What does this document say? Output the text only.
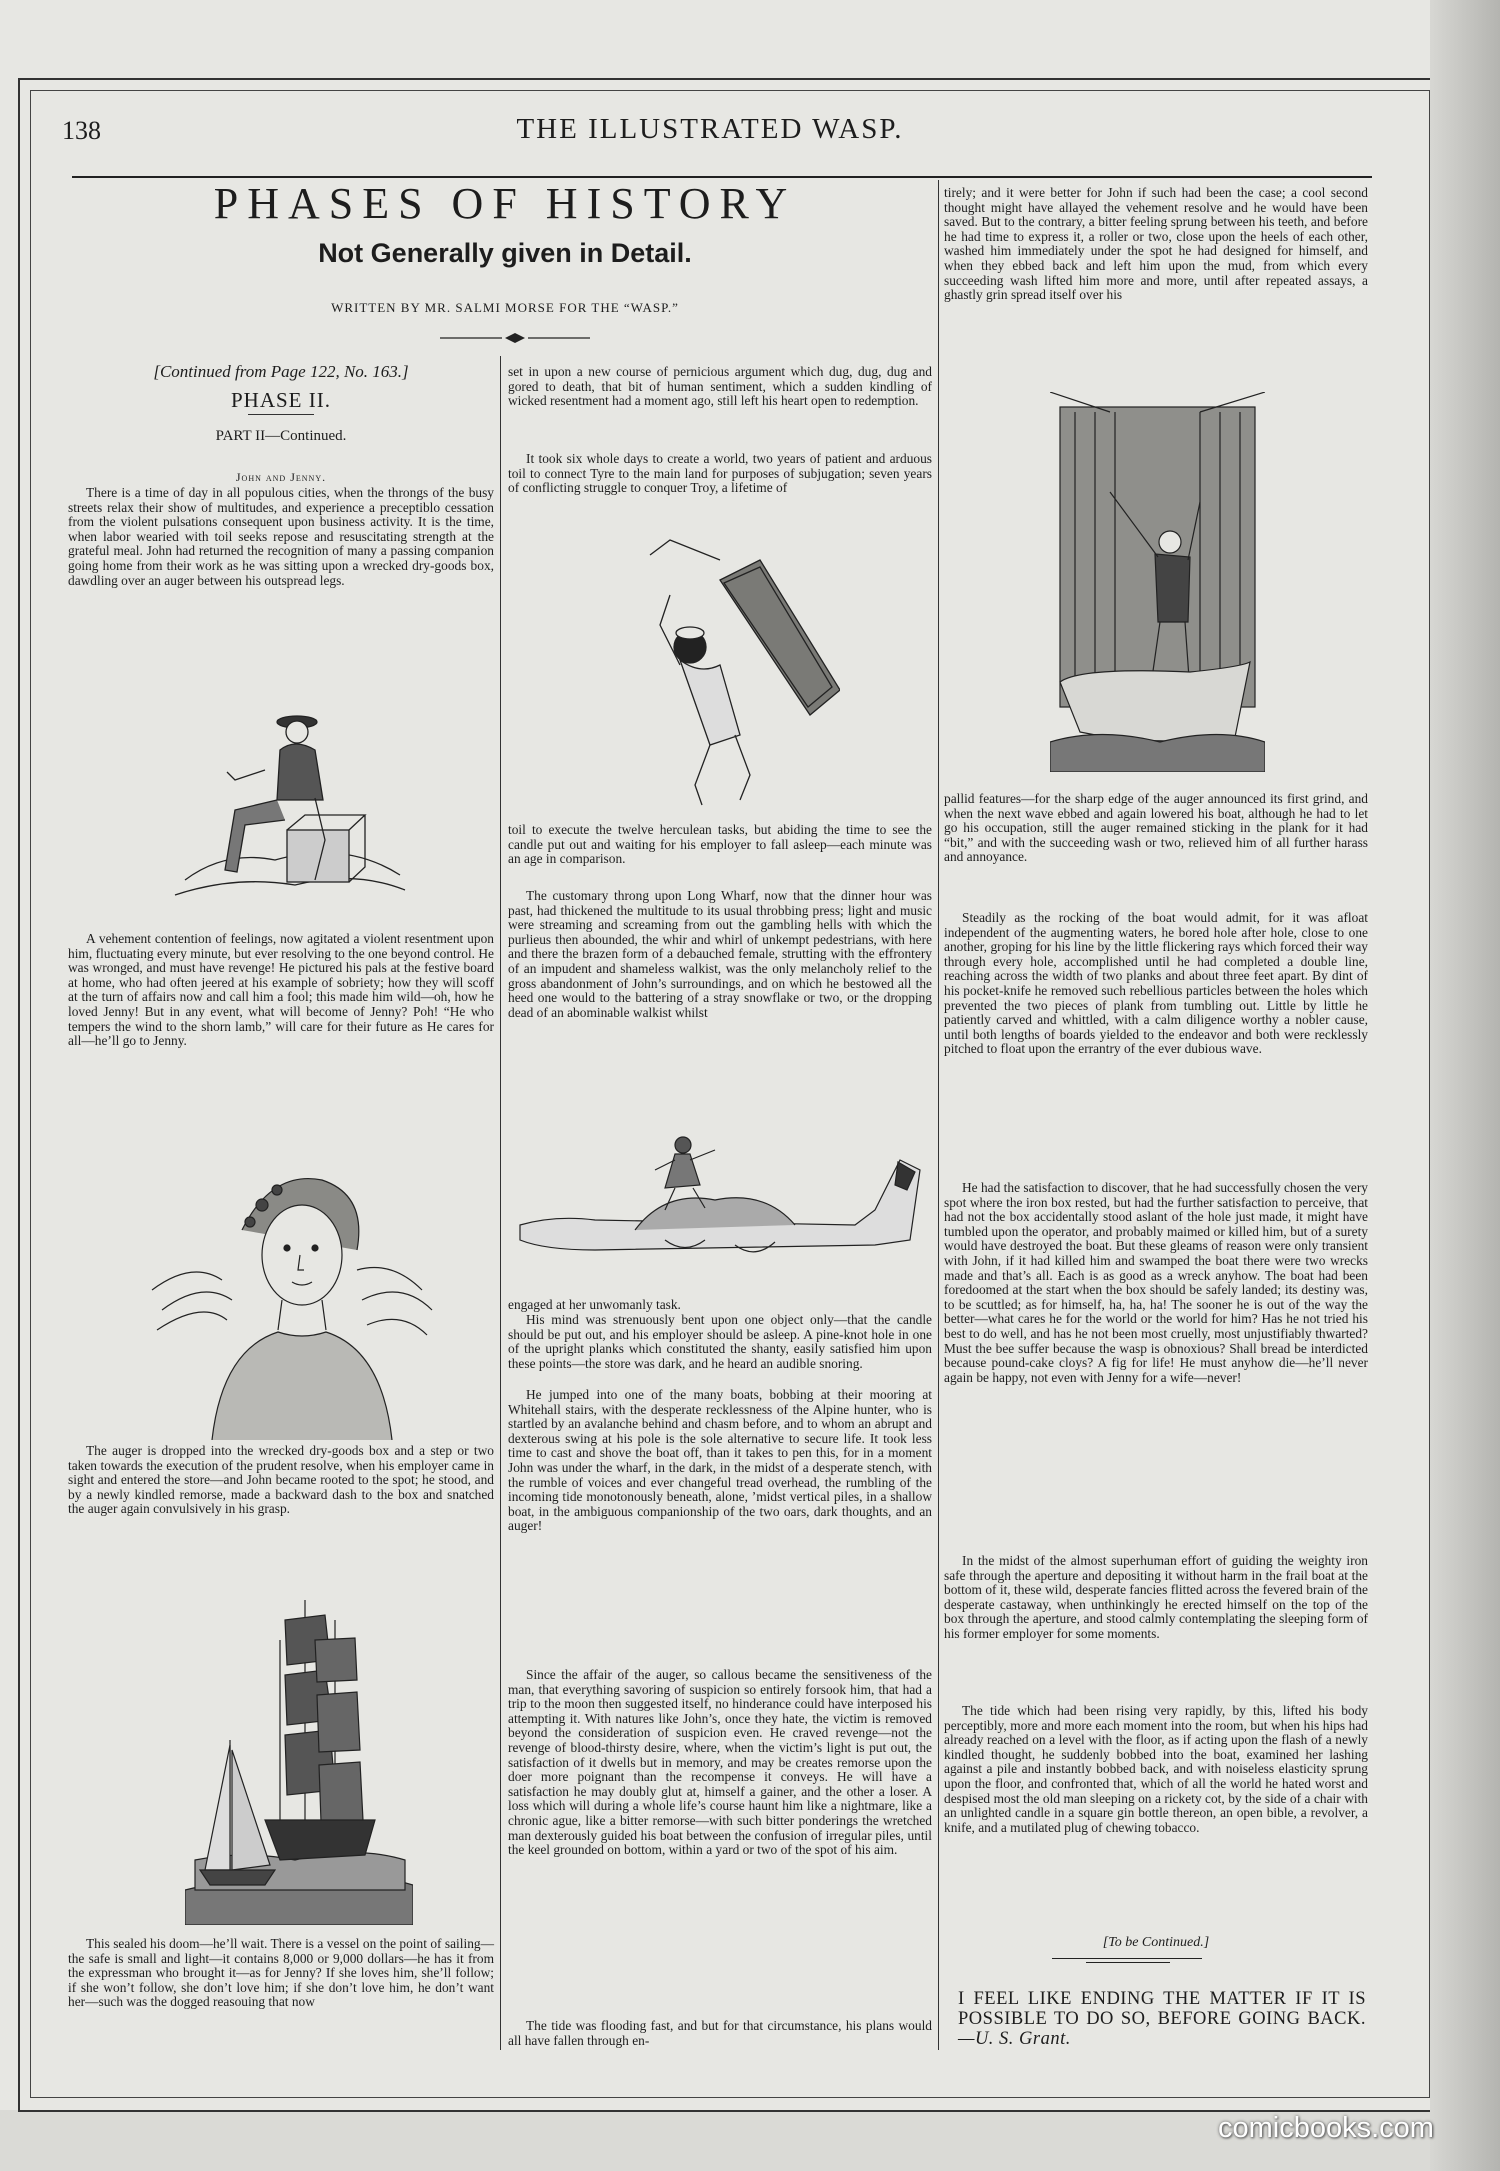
138	THE ILLUSTRATED WASP.
PHASES OF HISTORY
Not Generally given in Detail.
WRITTEN BY MR. SALMI MORSE FOR THE “WASP.”
[Continued from Page 122, No. 163.]
PHASE II.
PART II—Continued.
John and Jenny.

There is a time of day in all populous cities, when the throngs of the busy streets relax their show of multitudes, and experience a preceptiblo cessation from the violent pulsations consequent upon business activity. It is the time, when labor wearied with toil seeks repose and resuscitating strength at the grateful meal. John had returned the recognition of many a passing companion going home from their work as he was sitting upon a wrecked dry-goods box, dawdling over an auger between his outspread legs.

A vehement contention of feelings, now agitated a violent resentment upon him, fluctuating every minute, but ever resolving to the one beyond control. He was wronged, and must have revenge! He pictured his pals at the festive board at home, who had often jeered at his example of sobriety; how they will scoff at the turn of affairs now and call him a fool; this made him wild—oh, how he loved Jenny! But in any event, what will become of Jenny? Poh! “He who tempers the wind to the shorn lamb,” will care for their future as He cares for all—he’ll go to Jenny.

The auger is dropped into the wrecked dry-goods box and a step or two taken towards the execution of the prudent resolve, when his employer came in sight and entered the store—and John became rooted to the spot; he stood, and by a newly kindled remorse, made a backward dash to the box and snatched the auger again convulsively in his grasp.

This sealed his doom—he’ll wait. There is a vessel on the point of sailing—the safe is small and light—it contains 8,000 or 9,000 dollars—he has it from the expressman who brought it—as for Jenny? If she loves him, she’ll follow; if she won’t follow, she don’t love him; if she don’t love him, he don’t want her—such was the dogged reasouing that now

set in upon a new course of pernicious argument which dug, dug, dug and gored to death, that bit of human sentiment, which a sudden kindling of wicked resentment had a moment ago, still left his heart open to redemption.

It took six whole days to create a world, two years of patient and arduous toil to connect Tyre to the main land for purposes of subjugation; seven years of conflicting struggle to conquer Troy, a lifetime of

toil to execute the twelve herculean tasks, but abiding the time to see the candle put out and waiting for his employer to fall asleep—each minute was an age in comparison.

The customary throng upon Long Wharf, now that the dinner hour was past, had thickened the multitude to its usual throbbing press; light and music were streaming and screaming from out the gambling hells with which the purlieus then abounded, the whir and whirl of unkempt pedestrians, with here and there the brazen form of a debauched female, strutting with the effrontery of an impudent and shameless walkist, was the only melancholy relief to the gross abandonment of John’s surroundings, and on which he bestowed all the heed one would to the battering of a stray snowflake or two, or the dropping dead of an abominable walkist whilst

engaged at her unwomanly task.

His mind was strenuously bent upon one object only—that the candle should be put out, and his employer should be asleep. A pine-knot hole in one of the upright planks which constituted the shanty, easily satisfied him upon these points—the store was dark, and he heard an audible snoring.

He jumped into one of the many boats, bobbing at their mooring at Whitehall stairs, with the desperate recklessness of the Alpine hunter, who is startled by an avalanche behind and chasm before, and to whom an abrupt and dexterous swing at his pole is the sole alternative to secure life. It took less time to cast and shove the boat off, than it takes to pen this, for in a moment John was under the wharf, in the dark, in the midst of a desperate stench, with the rumble of voices and ever changeful tread overhead, the rumbling of the incoming tide monotonously beneath, alone, ’midst vertical piles, in a shallow boat, in the ambiguous companionship of the two oars, dark thoughts, and an auger!

Since the affair of the auger, so callous became the sensitiveness of the man, that everything savoring of suspicion so entirely forsook him, that had a trip to the moon then suggested itself, no hinderance could have interposed his attempting it. With natures like John’s, once they hate, the victim is removed beyond the consideration of suspicion even. He craved revenge—not the revenge of blood-thirsty desire, where, when the victim’s light is put out, the satisfaction of it dwells but in memory, and may be creates remorse upon the doer more poignant than the recompense it conveys. He will have a satisfaction he may doubly glut at, himself a gainer, and the other a loser. A loss which will during a whole life’s course haunt him like a nightmare, like a chronic ague, like a bitter remorse—with such bitter ponderings the wretched man dexterously guided his boat between the confusion of irregular piles, until the keel grounded on bottom, within a yard or two of the spot of his aim.

The tide was flooding fast, and but for that circumstance, his plans would all have fallen through en-

tirely; and it were better for John if such had been the case; a cool second thought might have allayed the vehement resolve and he would have been saved. But to the contrary, a bitter feeling sprung between his teeth, and before he had time to express it, a roller or two, close upon the heels of each other, washed him immediately under the spot he had designed for himself, and when they ebbed back and left him upon the mud, from which every succeeding wash lifted him more and more, until after repeated assays, a ghastly grin spread itself over his

pallid features—for the sharp edge of the auger announced its first grind, and when the next wave ebbed and again lowered his boat, although he had to let go his occupation, still the auger remained sticking in the plank for it had “bit,” and with the succeeding wash or two, relieved him of all further harass and annoyance.

Steadily as the rocking of the boat would admit, for it was afloat independent of the augmenting waters, he bored hole after hole, close to one another, groping for his line by the little flickering rays which forced their way through every hole, accomplished until he had completed a double line, reaching across the width of two planks and about three feet apart. By dint of his pocket-knife he removed such rebellious particles between the holes which prevented the two pieces of plank from tumbling out. Little by little he patiently carved and whittled, with a calm diligence worthy a nobler cause, until both lengths of boards yielded to the endeavor and both were recklessly pitched to float upon the errantry of the ever dubious wave.

He had the satisfaction to discover, that he had successfully chosen the very spot where the iron box rested, but had the further satisfaction to perceive, that had not the box accidentally stood aslant of the hole just made, it might have tumbled upon the operator, and probably maimed or killed him, but of a surety would have destroyed the boat. But these gleams of reason were only transient with John, if it had killed him and swamped the boat there were two wrecks made and that’s all. Each is as good as a wreck anyhow. The boat had been foredoomed at the start when the box should be safely landed; its destiny was, to be scuttled; as for himself, ha, ha, ha! The sooner he is out of the way the better—what cares he for the world or the world for him? Has he not tried his best to do well, and has he not been most cruelly, most unjustifiably thwarted? Must the bee suffer because the wasp is obnoxious? Shall bread be interdicted because pound-cake cloys? A fig for life! He must anyhow die—he’ll never again be happy, not even with Jenny for a wife—never!

In the midst of the almost superhuman effort of guiding the weighty iron safe through the aperture and depositing it without harm in the frail boat at the bottom of it, these wild, desperate fancies flitted across the fevered brain of the desperate castaway, when unthinkingly he erected himself on the top of the box through the aperture, and stood calmly contemplating the sleeping form of his former employer for some moments.

The tide which had been rising very rapidly, by this, lifted his body perceptibly, more and more each moment into the room, but when his hips had already reached on a level with the floor, as if acting upon the flash of a newly kindled thought, he suddenly bobbed into the boat, examined her lashing against a pile and instantly bobbed back, and with noiseless elasticity sprung upon the floor, and confronted that, which of all the world he hated worst and despised most the old man sleeping on a rickety cot, by the side of a chair with an unlighted candle in a square gin bottle thereon, an open bible, a revolver, a knife, and a mutilated plug of chewing tobacco.

[To be Continued.]
I FEEL LIKE ENDING THE MATTER IF IT IS POSSIBLE TO DO SO, BEFORE GOING BACK. —U. S. Grant.
comicbooks.com
